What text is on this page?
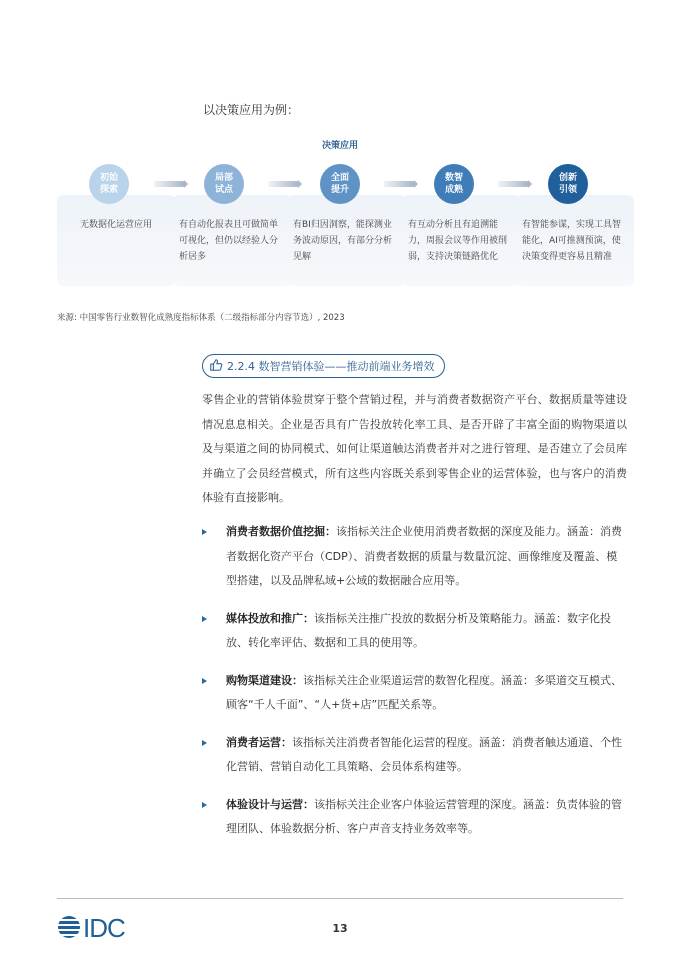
以决策应用为例：
决策应用
无数据化运营应用	有自动化报表且可做简单可视化，但仍以经验人分析居多
有BI归因洞察，能探测业务波动原因，有部分分析见解
有互动分析且有追溯能力，周报会议等作用被削弱，支持决策链路优化
有智能参谋，实现工具智能化，AI可推测预演，使决策变得更容易且精准
初始
探索
局部
试点
全面
提升
数智
成熟
创新
引领
来源: 中国零售行业数智化成熟度指标体系（二级指标部分内容节选）, 2023
2.2.4 数智营销体验——推动前端业务增效
零售企业的营销体验贯穿于整个营销过程，并与消费者数据资产平台、数据质量等建设情况息息相关。企业是否具有广告投放转化率工具、是否开辟了丰富全面的购物渠道以及与渠道之间的协同模式、如何让渠道触达消费者并对之进行管理、是否建立了会员库并确立了会员经营模式，所有这些内容既关系到零售企业的运营体验，也与客户的消费体验有直接影响。
消费者数据价值挖掘：该指标关注企业使用消费者数据的深度及能力。涵盖：消费者数据化资产平台（CDP）、消费者数据的质量与数量沉淀、画像维度及覆盖、模型搭建，以及品牌私域+公域的数据融合应用等。
媒体投放和推广：该指标关注推广投放的数据分析及策略能力。涵盖：数字化投放、转化率评估、数据和工具的使用等。
购物渠道建设：该指标关注企业渠道运营的数智化程度。涵盖：多渠道交互模式、顾客“千人千面”、“人+货+店”匹配关系等。
消费者运营：该指标关注消费者智能化运营的程度。涵盖：消费者触达通道、个性化营销、营销自动化工具策略、会员体系构建等。
体验设计与运营：该指标关注企业客户体验运营管理的深度。涵盖：负责体验的管理团队、体验数据分析、客户声音支持业务效率等。
IDC	13
